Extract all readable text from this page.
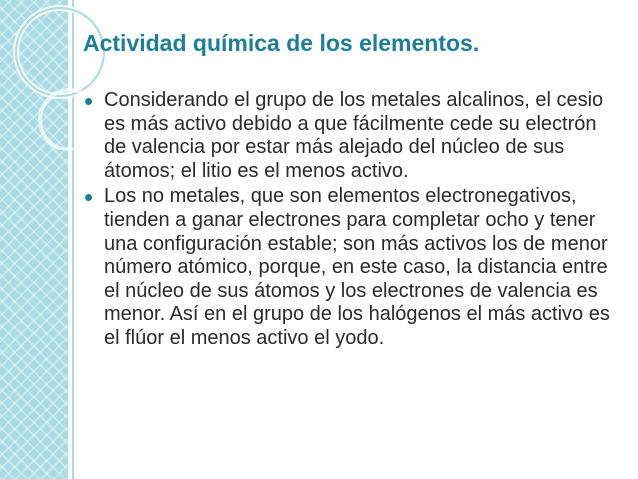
Actividad química de los elementos.
Considerando el grupo de los metales alcalinos, el cesio es más activo debido a que fácilmente cede su electrón de valencia por estar más alejado del núcleo de sus átomos; el litio es el menos activo.
Los no metales, que son elementos electronegativos, tienden a ganar electrones para completar ocho y tener una configuración estable; son más activos los de menor número atómico, porque, en este caso, la distancia entre el núcleo de sus átomos y los electrones de valencia es menor. Así en el grupo de los halógenos el más activo es el flúor el menos activo el yodo.
